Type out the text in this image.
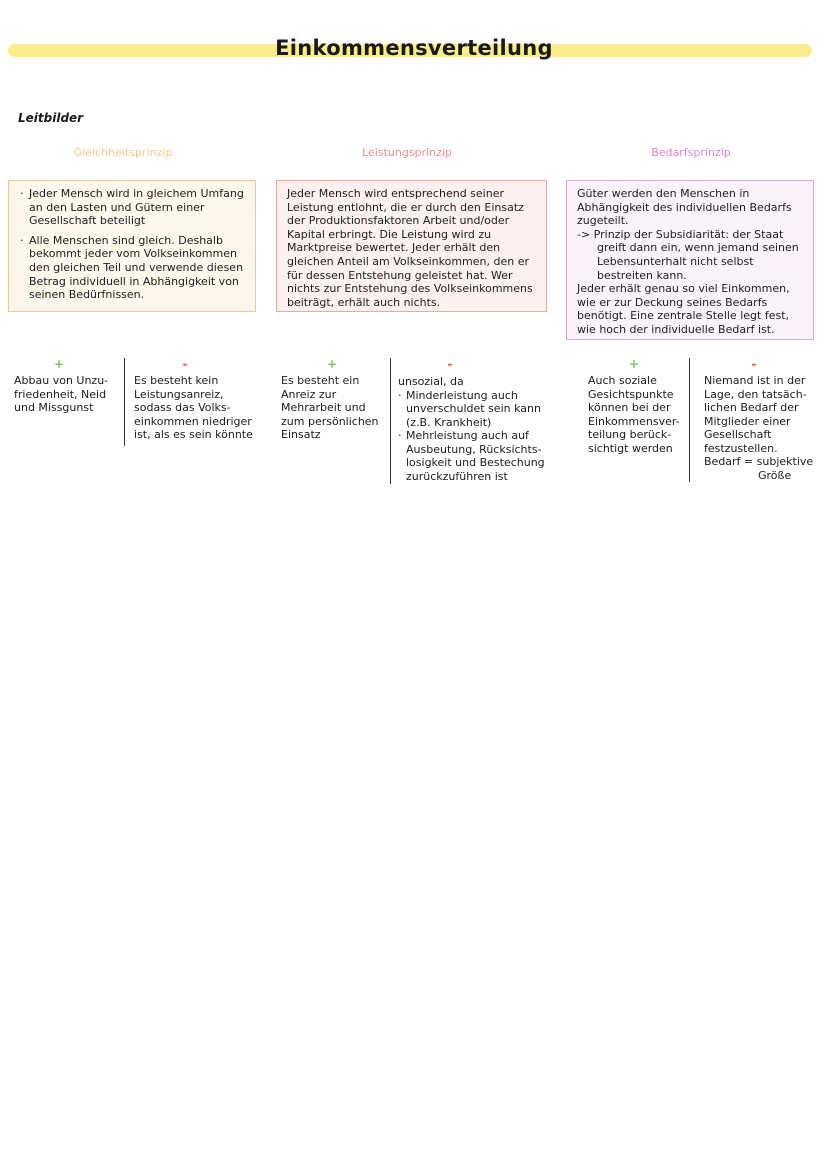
Einkommensverteilung
Leitbilder
Gleichheitsprinzip	Leistungsprinzip	Bedarfsprinzip
· Jeder Mensch wird in gleichem Umfang an den Lasten und Gütern einer Gesellschaft beteiligt
· Alle Menschen sind gleich. Deshalb bekommt jeder vom Volkseinkommen den gleichen Teil und verwende diesen Betrag individuell in Abhängigkeit von seinen Bedürfnissen.

Jeder Mensch wird entsprechend seiner Leistung entlohnt, die er durch den Einsatz der Produktionsfaktoren Arbeit und/oder Kapital erbringt. Die Leistung wird zu Marktpreise bewertet. Jeder erhält den gleichen Anteil am Volkseinkommen, den er für dessen Entstehung geleistet hat. Wer nichts zur Entstehung des Volkseinkommens beiträgt, erhält auch nichts.

Güter werden den Menschen in Abhängigkeit des individuellen Bedarfs zugeteilt.

-> Prinzip der Subsidiarität: der Staat

greift dann ein, wenn jemand seinen Lebensunterhalt nicht selbst bestreiten kann.

Jeder erhält genau so viel Einkommen, wie er zur Deckung seines Bedarfs benötigt. Eine zentrale Stelle legt fest, wie hoch der individuelle Bedarf ist.

+	-
Abbau von Unzu- friedenheit, Neid und Missgunst
Es besteht kein Leistungsanreiz, sodass das Volks- einkommen niedriger ist, als es sein könnte
+	-
Es besteht ein Anreiz zur Mehrarbeit und zum persönlichen Einsatz
unsozial, da
· Minderleistung auch unverschuldet sein kann (z.B. Krankheit)
· Mehrleistung auch auf Ausbeutung, Rücksichts- losigkeit und Bestechung zurückzuführen ist
+	-
Auch soziale Gesichtspunkte können bei der Einkommensver- teilung berück- sichtigt werden
Niemand ist in der Lage, den tatsäch- lichen Bedarf der Mitglieder einer Gesellschaft festzustellen.
Bedarf = subjektive
Größe
